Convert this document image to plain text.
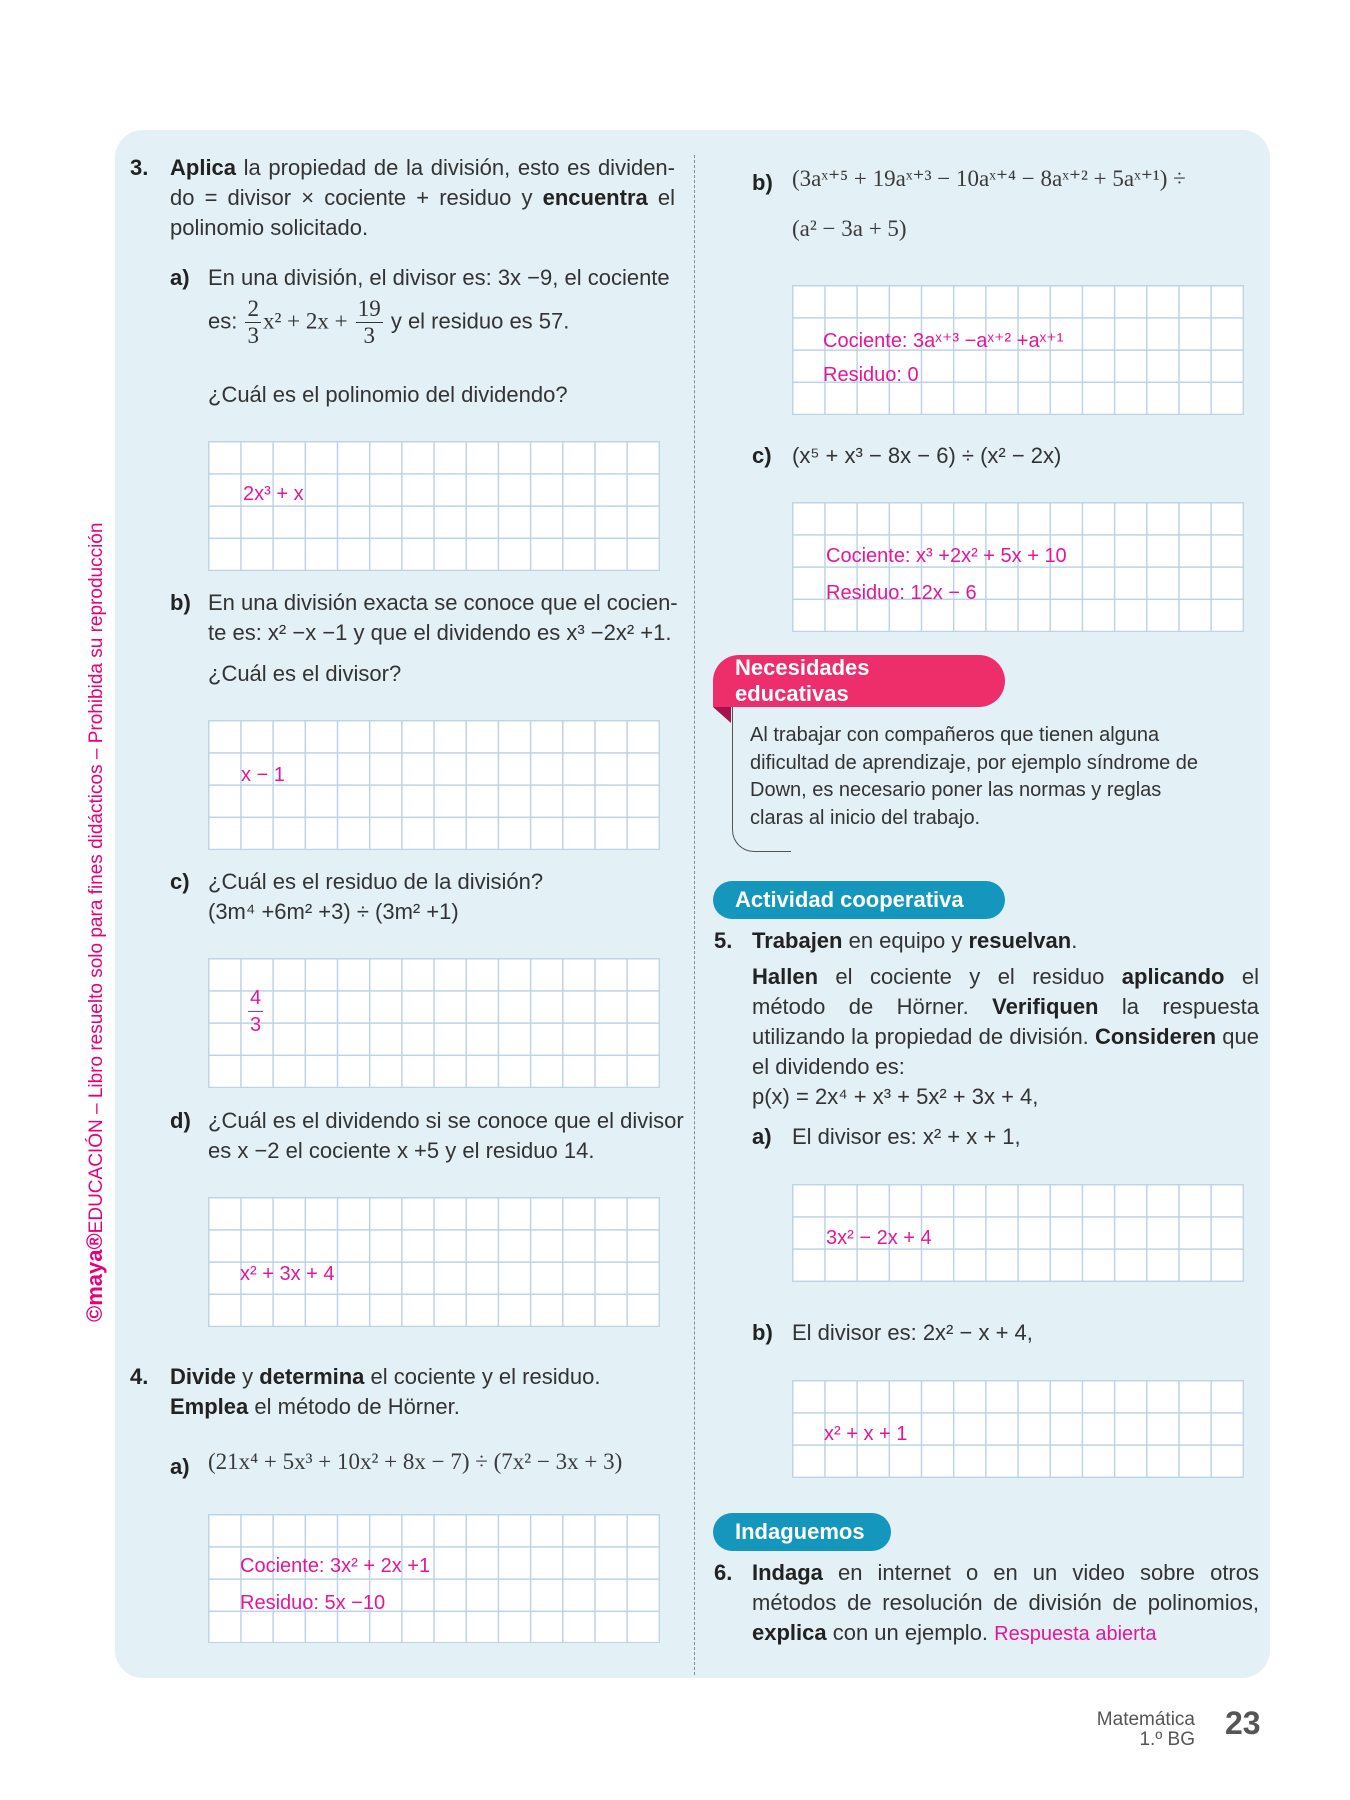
©maya®EDUCACIÓN – Libro resuelto solo para fines didácticos – Prohibida su reproducción
3. Aplica la propiedad de la división, esto es dividen-do = divisor × cociente + residuo y encuentra el polinomio solicitado.
a) En una división, el divisor es: 3x −9, el cociente
es: $\frac{2}{3} x^2 + 2x + \frac{19}{3}$ y el residuo es 57.
¿Cuál es el polinomio del dividendo?
2x³ + x
b) En una división exacta se conoce que el cocien-
te es: x² −x −1 y que el dividendo es x³ −2x² +1.
¿Cuál es el divisor?
x − 1
c) ¿Cuál es el residuo de la división?
(3m⁴ +6m² +3) ÷ (3m² +1)
$\frac{4}{3}$
d) ¿Cuál es el dividendo si se conoce que el divisor
es x −2 el cociente x +5 y el residuo 14.
x² + 3x + 4
4. Divide y determina el cociente y el residuo.
Emplea el método de Hörner.
a) (21x⁴ + 5x³ + 10x² + 8x − 7) ÷ (7x² − 3x + 3)
Cociente: 3x² + 2x +1
Residuo: 5x −10
b) (3aˣ⁺⁵ + 19aˣ⁺³ − 10aˣ⁺⁴ − 8aˣ⁺² + 5aˣ⁺¹) ÷
(a² − 3a + 5)
Cociente: 3aˣ⁺³ −aˣ⁺² +aˣ⁺¹
Residuo: 0
c) (x⁵ + x³ − 8x − 6) ÷ (x² − 2x)
Cociente: x³ +2x² + 5x + 10
Residuo: 12x − 6
Necesidades educativas
Al trabajar con compañeros que tienen alguna dificultad de aprendizaje, por ejemplo síndrome de Down, es necesario poner las normas y reglas claras al inicio del trabajo.
Actividad cooperativa
5. Trabajen en equipo y resuelvan.
Hallen el cociente y el residuo aplicando el método de Hörner. Verifiquen la respuesta utilizando la propiedad de división. Consideren que el dividendo es:
p(x) = 2x⁴ + x³ + 5x² + 3x + 4,
a) El divisor es: x² + x + 1,
3x² − 2x + 4
b) El divisor es: 2x² − x + 4,
x² + x + 1
Indaguemos
6. Indaga en internet o en un video sobre otros métodos de resolución de división de polinomios, explica con un ejemplo. Respuesta abierta
Matemática
1.º BG 23
